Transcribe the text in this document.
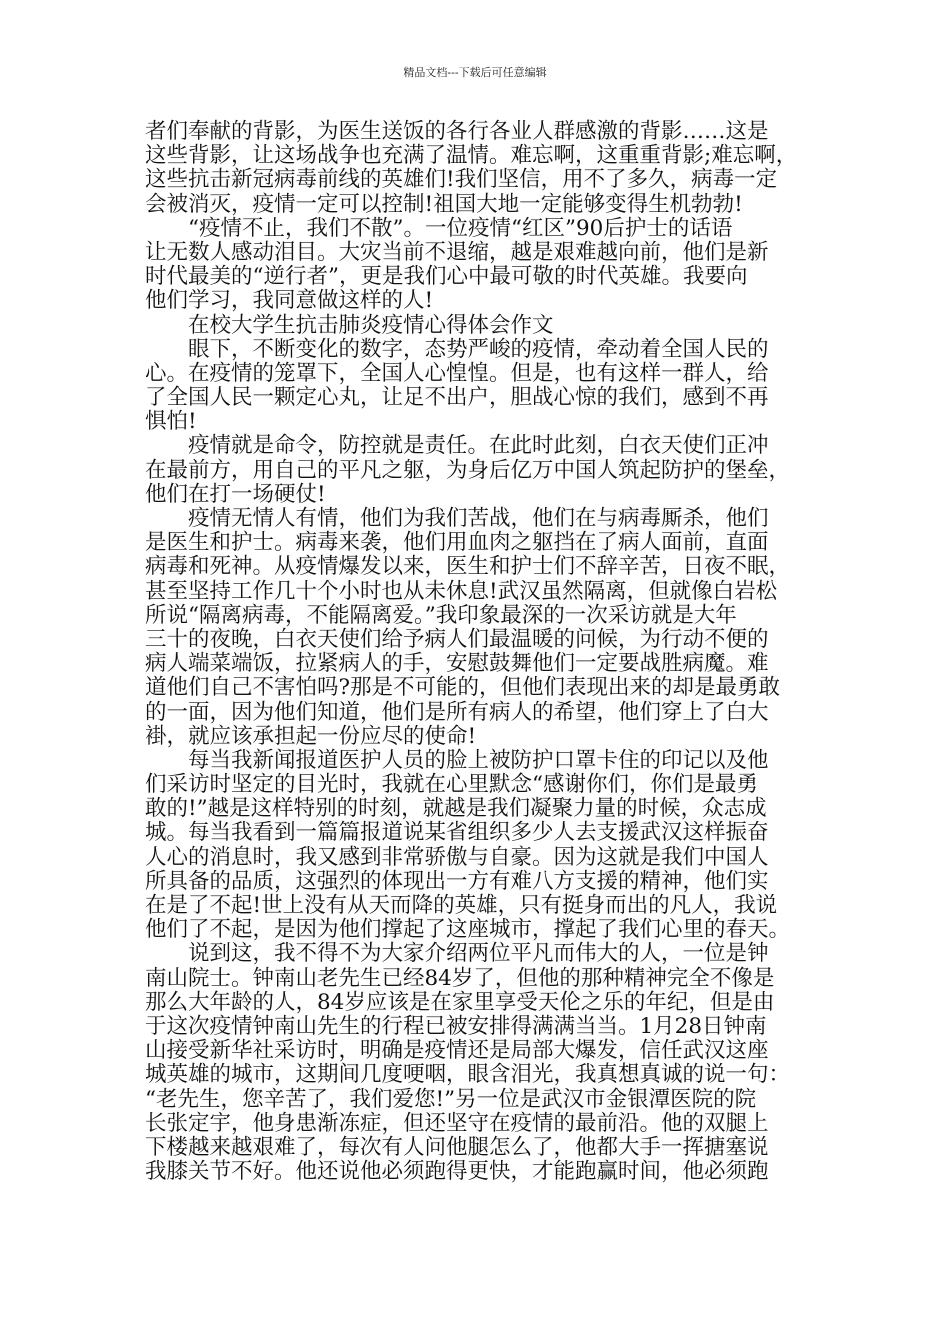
精品文档---下载后可任意编辑
者们奉献的背影，为医生送饭的各行各业人群感激的背影……这是
这些背影，让这场战争也充满了温情。难忘啊，这重重背影;难忘啊，
这些抗击新冠病毒前线的英雄们!我们坚信，用不了多久，病毒一定
会被消灭，疫情一定可以控制!祖国大地一定能够变得生机勃勃!
　　“疫情不止，我们不散”。一位疫情“红区”90后护士的话语
让无数人感动泪目。大灾当前不退缩，越是艰难越向前，他们是新
时代最美的“逆行者”，更是我们心中最可敬的时代英雄。我要向
他们学习，我同意做这样的人!
　　在校大学生抗击肺炎疫情心得体会作文
　　眼下，不断变化的数字，态势严峻的疫情，牵动着全国人民的
心。在疫情的笼罩下，全国人心惶惶。但是，也有这样一群人，给
了全国人民一颗定心丸，让足不出户，胆战心惊的我们，感到不再
惧怕!
　　疫情就是命令，防控就是责任。在此时此刻，白衣天使们正冲
在最前方，用自己的平凡之躯，为身后亿万中国人筑起防护的堡垒，
他们在打一场硬仗!
　　疫情无情人有情，他们为我们苦战，他们在与病毒厮杀，他们
是医生和护士。病毒来袭，他们用血肉之躯挡在了病人面前，直面
病毒和死神。从疫情爆发以来，医生和护士们不辞辛苦，日夜不眠，
甚至坚持工作几十个小时也从未休息!武汉虽然隔离，但就像白岩松
所说“隔离病毒，不能隔离爱。”我印象最深的一次采访就是大年
三十的夜晚，白衣天使们给予病人们最温暖的问候，为行动不便的
病人端菜端饭，拉紧病人的手，安慰鼓舞他们一定要战胜病魔。难
道他们自己不害怕吗?那是不可能的，但他们表现出来的却是最勇敢
的一面，因为他们知道，他们是所有病人的希望，他们穿上了白大
褂，就应该承担起一份应尽的使命!
　　每当我新闻报道医护人员的脸上被防护口罩卡住的印记以及他
们采访时坚定的目光时，我就在心里默念“感谢你们，你们是最勇
敢的!”越是这样特别的时刻，就越是我们凝聚力量的时候，众志成
城。每当我看到一篇篇报道说某省组织多少人去支援武汉这样振奋
人心的消息时，我又感到非常骄傲与自豪。因为这就是我们中国人
所具备的品质，这强烈的体现出一方有难八方支援的精神，他们实
在是了不起!世上没有从天而降的英雄，只有挺身而出的凡人，我说
他们了不起，是因为他们撑起了这座城市，撑起了我们心里的春天。
　　说到这，我不得不为大家介绍两位平凡而伟大的人，一位是钟
南山院士。钟南山老先生已经84岁了，但他的那种精神完全不像是
那么大年龄的人，84岁应该是在家里享受天伦之乐的年纪，但是由
于这次疫情钟南山先生的行程已被安排得满满当当。1月28日钟南
山接受新华社采访时，明确是疫情还是局部大爆发，信任武汉这座
城英雄的城市，这期间几度哽咽，眼含泪光，我真想真诚的说一句：
“老先生，您辛苦了，我们爱您!”另一位是武汉市金银潭医院的院
长张定宇，他身患渐冻症，但还坚守在疫情的最前沿。他的双腿上
下楼越来越艰难了，每次有人问他腿怎么了，他都大手一挥搪塞说
我膝关节不好。他还说他必须跑得更快，才能跑赢时间，他必须跑
